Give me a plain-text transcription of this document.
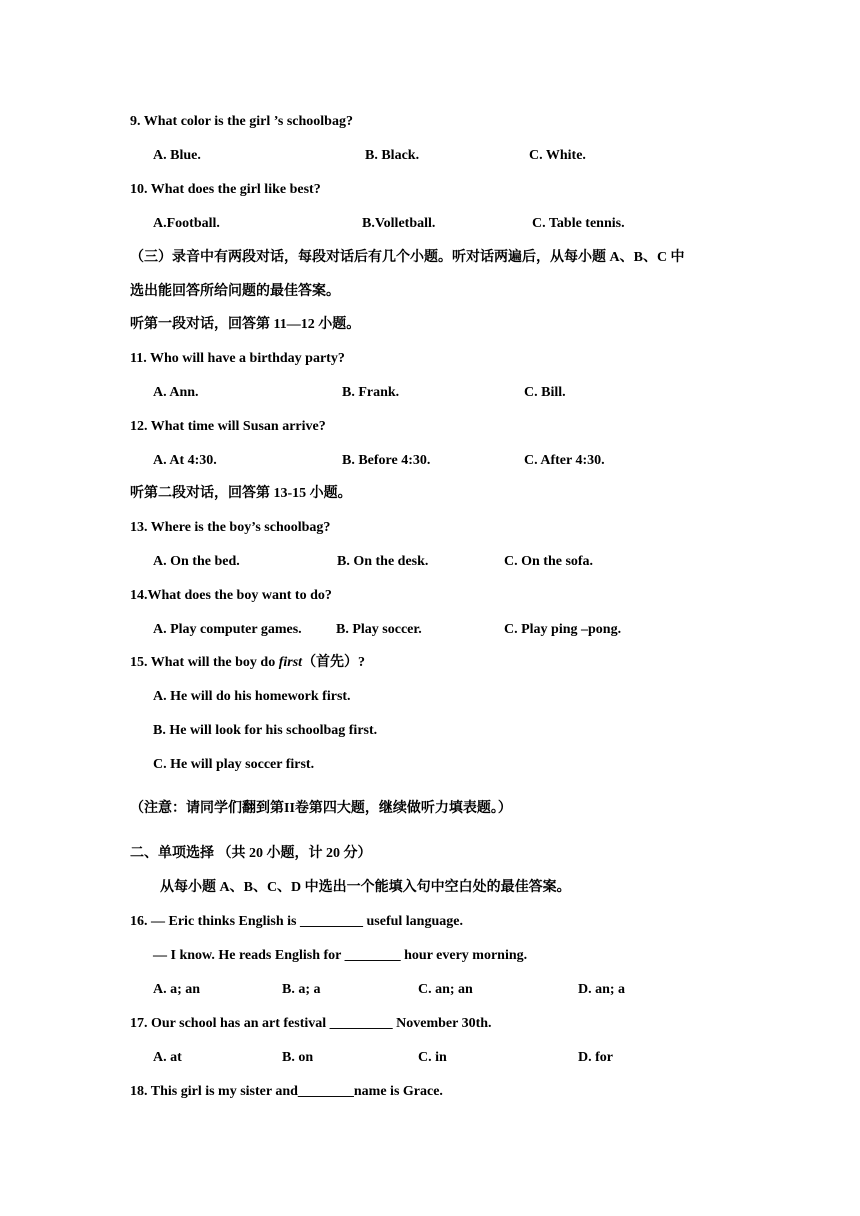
9. What color is the girl ’s schoolbag?
A. Blue.	B. Black.	C. White.
10. What does the girl like best?
A.Football.	B.Volletball.	C. Table tennis.
（三）录音中有两段对话，每段对话后有几个小题。听对话两遍后，从每小题 A、B、C 中
选出能回答所给问题的最佳答案。
听第一段对话，回答第 11—12 小题。
11. Who will have a birthday party?
A. Ann.	B. Frank.	C. Bill.
12. What time will Susan arrive?
A. At 4:30.	B. Before 4:30.	C. After 4:30.
听第二段对话，回答第 13-15 小题。
13. Where is the boy’s schoolbag?
A. On the bed.	B. On the desk.	C. On the sofa.
14.What does the boy want to do?
A. Play computer games. B. Play soccer.	C. Play ping –pong.
15. What will the boy do first（首先）?
A. He will do his homework first.
B. He will look for his schoolbag first.
C. He will play soccer first.
（注意：请同学们翻到第II卷第四大题，继续做听力填表题。）
二、单项选择 （共 20 小题，计 20 分）
从每小题 A、B、C、D 中选出一个能填入句中空白处的最佳答案。
16. — Eric thinks English is _________ useful language.
— I know. He reads English for ________ hour every morning.
A. a; an	B. a; a	C. an; an	D. an; a
17. Our school has an art festival _________ November 30th.
A. at	B. on	C. in	D. for
18. This girl is my sister and________name is Grace.
